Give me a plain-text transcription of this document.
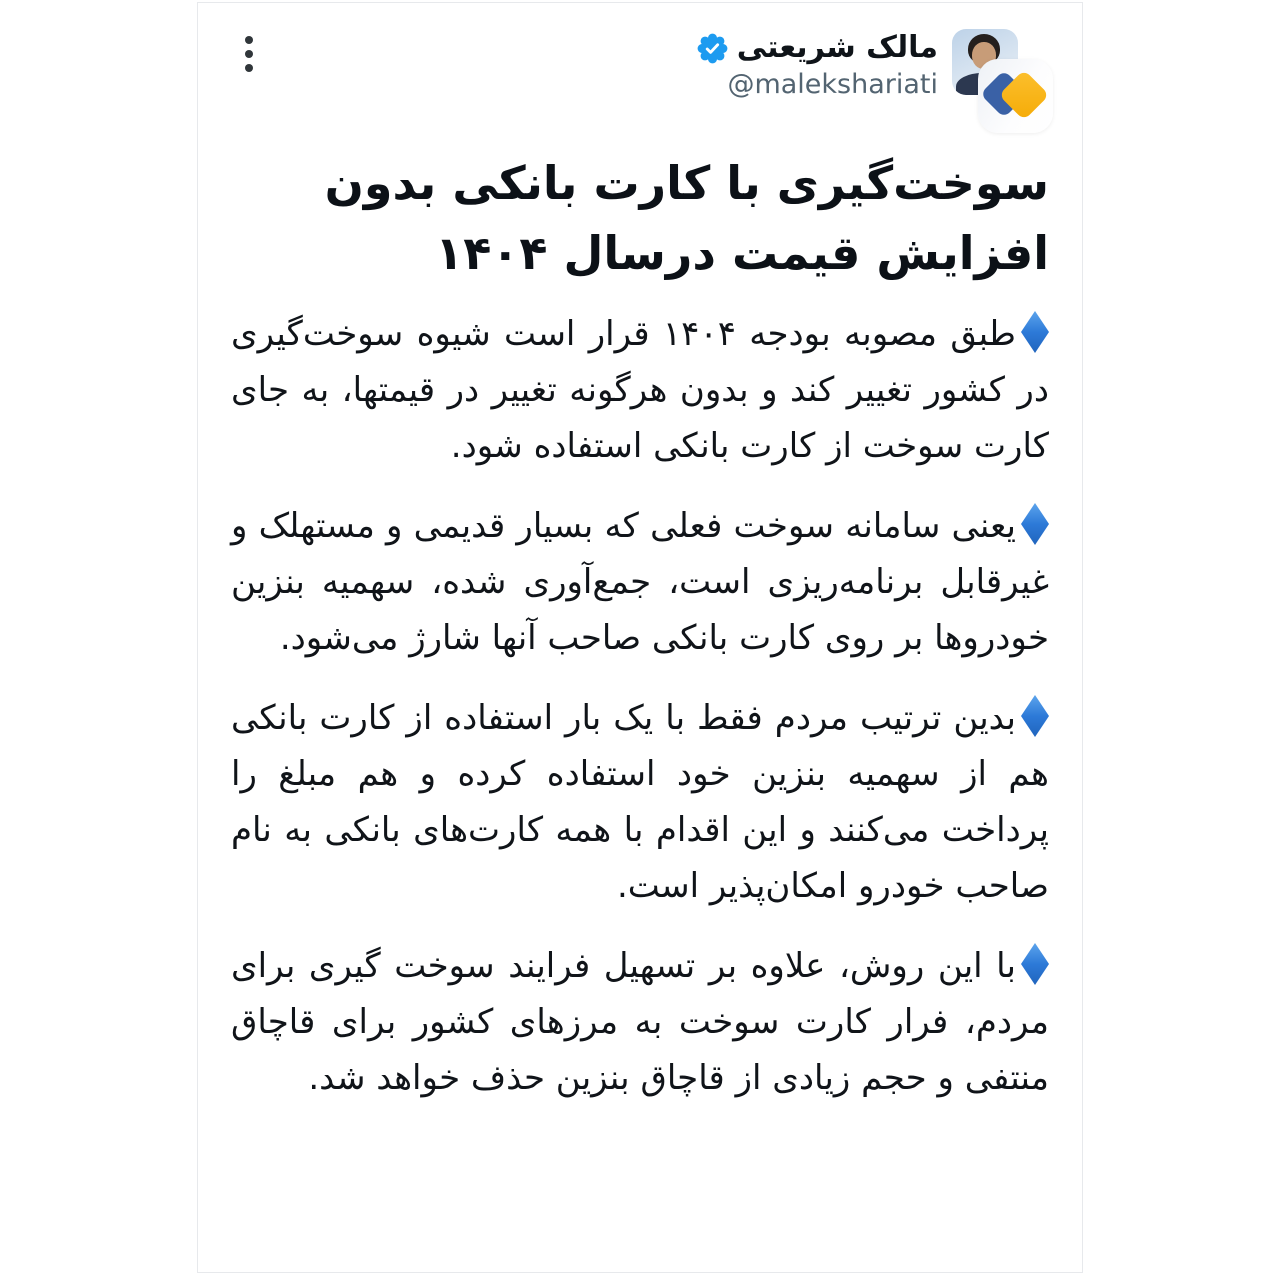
مالک شریعتی
@malekshariati
سوخت‌گیری با کارت بانکی بدون افزایش قیمت درسال ۱۴۰۴

طبق مصوبه بودجه ۱۴۰۴ قرار است شیوه سوخت‌گیری در کشور تغییر کند و بدون هرگونه تغییر در قیمتها، به جای کارت سوخت از کارت بانکی استفاده شود.

یعنی سامانه سوخت فعلی که بسیار قدیمی و مستهلک و غیرقابل برنامه‌ریزی است، جمع‌آوری شده، سهمیه بنزین خودروها بر روی کارت بانکی صاحب آنها شارژ می‌شود.

بدین ترتیب مردم فقط با یک بار استفاده از کارت بانکی هم از سهمیه بنزین خود استفاده کرده و هم مبلغ را پرداخت می‌کنند و این اقدام با همه کارت‌های بانکی به نام صاحب خودرو امکان‌پذیر است.

با این روش، علاوه بر تسهیل فرایند سوخت گیری برای مردم، فرار کارت سوخت به مرزهای کشور برای قاچاق منتفی و حجم زیادی از قاچاق بنزین حذف خواهد شد.
